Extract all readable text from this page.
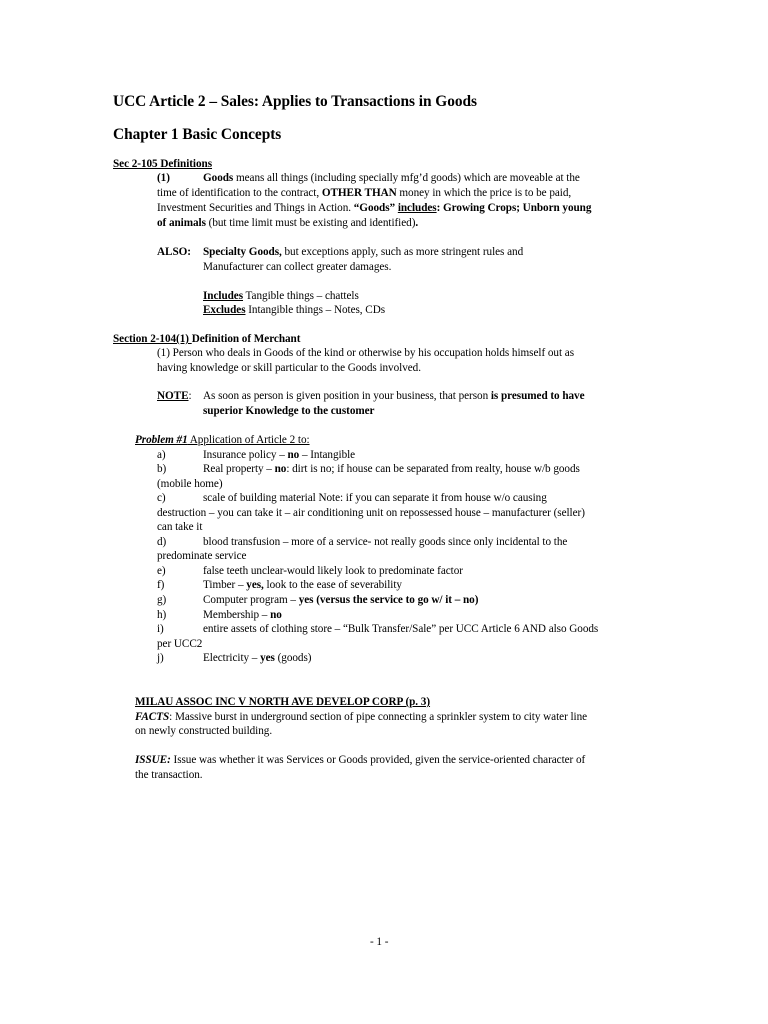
UCC Article 2 – Sales: Applies to Transactions in Goods
Chapter 1 Basic Concepts
Sec 2-105 Definitions
(1)	Goods means all things (including specially mfg’d goods) which are moveable at the
time of identification to the contract, OTHER THAN money in which the price is to be paid,
Investment Securities and Things in Action. “Goods” includes: Growing Crops; Unborn young
of animals (but time limit must be existing and identified).
ALSO: Specialty Goods, but exceptions apply, such as more stringent rules and
Manufacturer can collect greater damages.
Includes Tangible things – chattels
Excludes Intangible things – Notes, CDs
Section 2-104(1) Definition of Merchant
(1) Person who deals in Goods of the kind or otherwise by his occupation holds himself out as
having knowledge or skill particular to the Goods involved.
NOTE: As soon as person is given position in your business, that person is presumed to have
superior Knowledge to the customer
Problem #1 Application of Article 2 to:
a)	Insurance policy – no – Intangible
b)	Real property – no: dirt is no; if house can be separated from realty, house w/b goods
(mobile home)
c)	scale of building material Note: if you can separate it from house w/o causing
destruction – you can take it – air conditioning unit on repossessed house – manufacturer (seller)
can take it
d)	blood transfusion – more of a service- not really goods since only incidental to the
predominate service
e)	false teeth unclear-would likely look to predominate factor
f)	Timber – yes, look to the ease of severability
g)	Computer program – yes (versus the service to go w/ it – no)
h)	Membership – no
i)	entire assets of clothing store – “Bulk Transfer/Sale” per UCC Article 6 AND also Goods
per UCC2
j)	Electricity – yes (goods)
MILAU ASSOC INC V NORTH AVE DEVELOP CORP (p. 3)
FACTS: Massive burst in underground section of pipe connecting a sprinkler system to city water line
on newly constructed building.
ISSUE: Issue was whether it was Services or Goods provided, given the service-oriented character of
the transaction.
- 1 -
